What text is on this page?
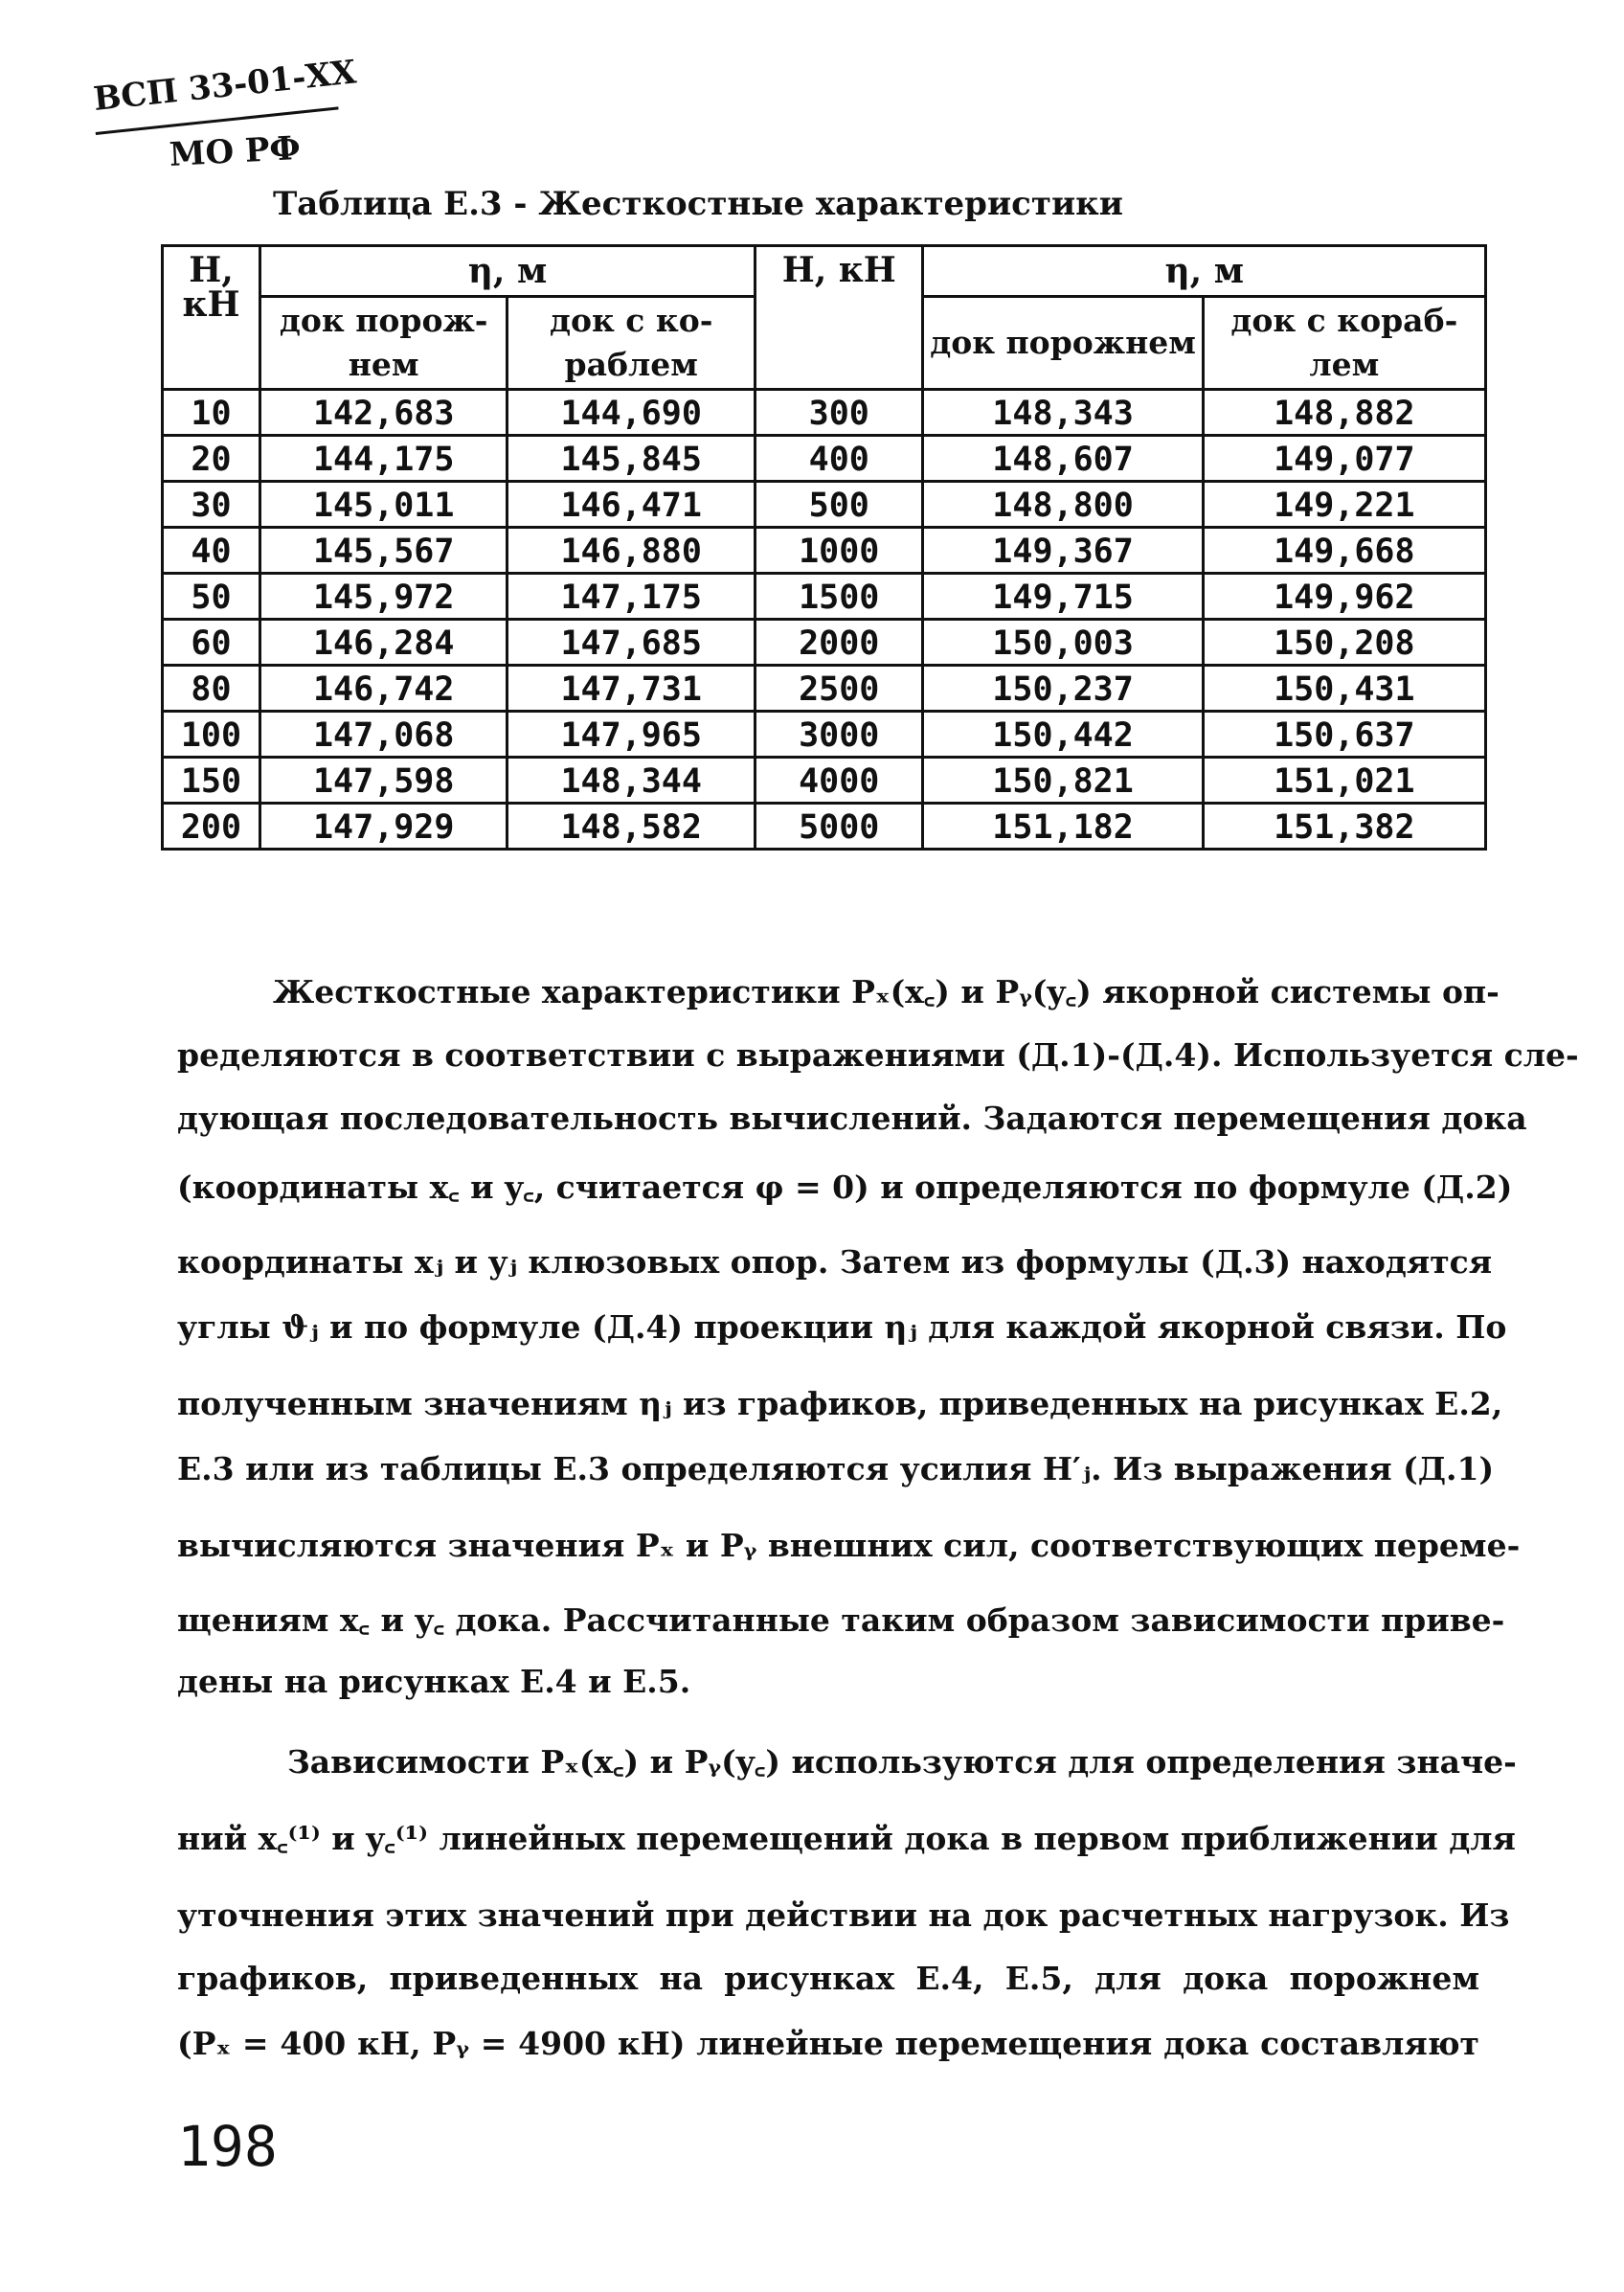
ВСП 33-01-XX
МО РФ
Таблица Е.3 - Жесткостные характеристики
Н, кН	η, м		Н, кН	η, м	
	док порож-нем	док с ко-раблем		док порожнем	док с кораб-лем
10	142,683	144,690	300	148,343	148,882
20	144,175	145,845	400	148,607	149,077
30	145,011	146,471	500	148,800	149,221
40	145,567	146,880	1000	149,367	149,668
50	145,972	147,175	1500	149,715	149,962
60	146,284	147,685	2000	150,003	150,208
80	146,742	147,731	2500	150,237	150,431
100	147,068	147,965	3000	150,442	150,637
150	147,598	148,344	4000	150,821	151,021
200	147,929	148,582	5000	151,182	151,382
Жесткостные характеристики Pₓ(x꜀) и Pᵧ(y꜀) якорной системы оп-
ределяются в соответствии с выражениями (Д.1)-(Д.4). Используется сле-
дующая последовательность вычислений. Задаются перемещения дока
(координаты x꜀ и y꜀, считается φ = 0) и определяются по формуле (Д.2)
координаты xⱼ и yⱼ клюзовых опор. Затем из формулы (Д.3) находятся
углы ϑⱼ и по формуле (Д.4) проекции ηⱼ для каждой якорной связи. По
полученным значениям ηⱼ из графиков, приведенных на рисунках Е.2,
Е.3 или из таблицы Е.3 определяются усилия H′ⱼ. Из выражения (Д.1)
вычисляются значения Pₓ и Pᵧ внешних сил, соответствующих переме-
щениям x꜀ и y꜀ дока. Рассчитанные таким образом зависимости приве-
дены на рисунках Е.4 и Е.5.
Зависимости Pₓ(x꜀) и Pᵧ(y꜀) используются для определения значе-
ний x꜀⁽¹⁾ и y꜀⁽¹⁾ линейных перемещений дока в первом приближении для
уточнения этих значений при действии на док расчетных нагрузок. Из
графиков, приведенных на рисунках Е.4, Е.5, для дока порожнем
(Pₓ = 400 кН, Pᵧ = 4900 кН) линейные перемещения дока составляют
198
